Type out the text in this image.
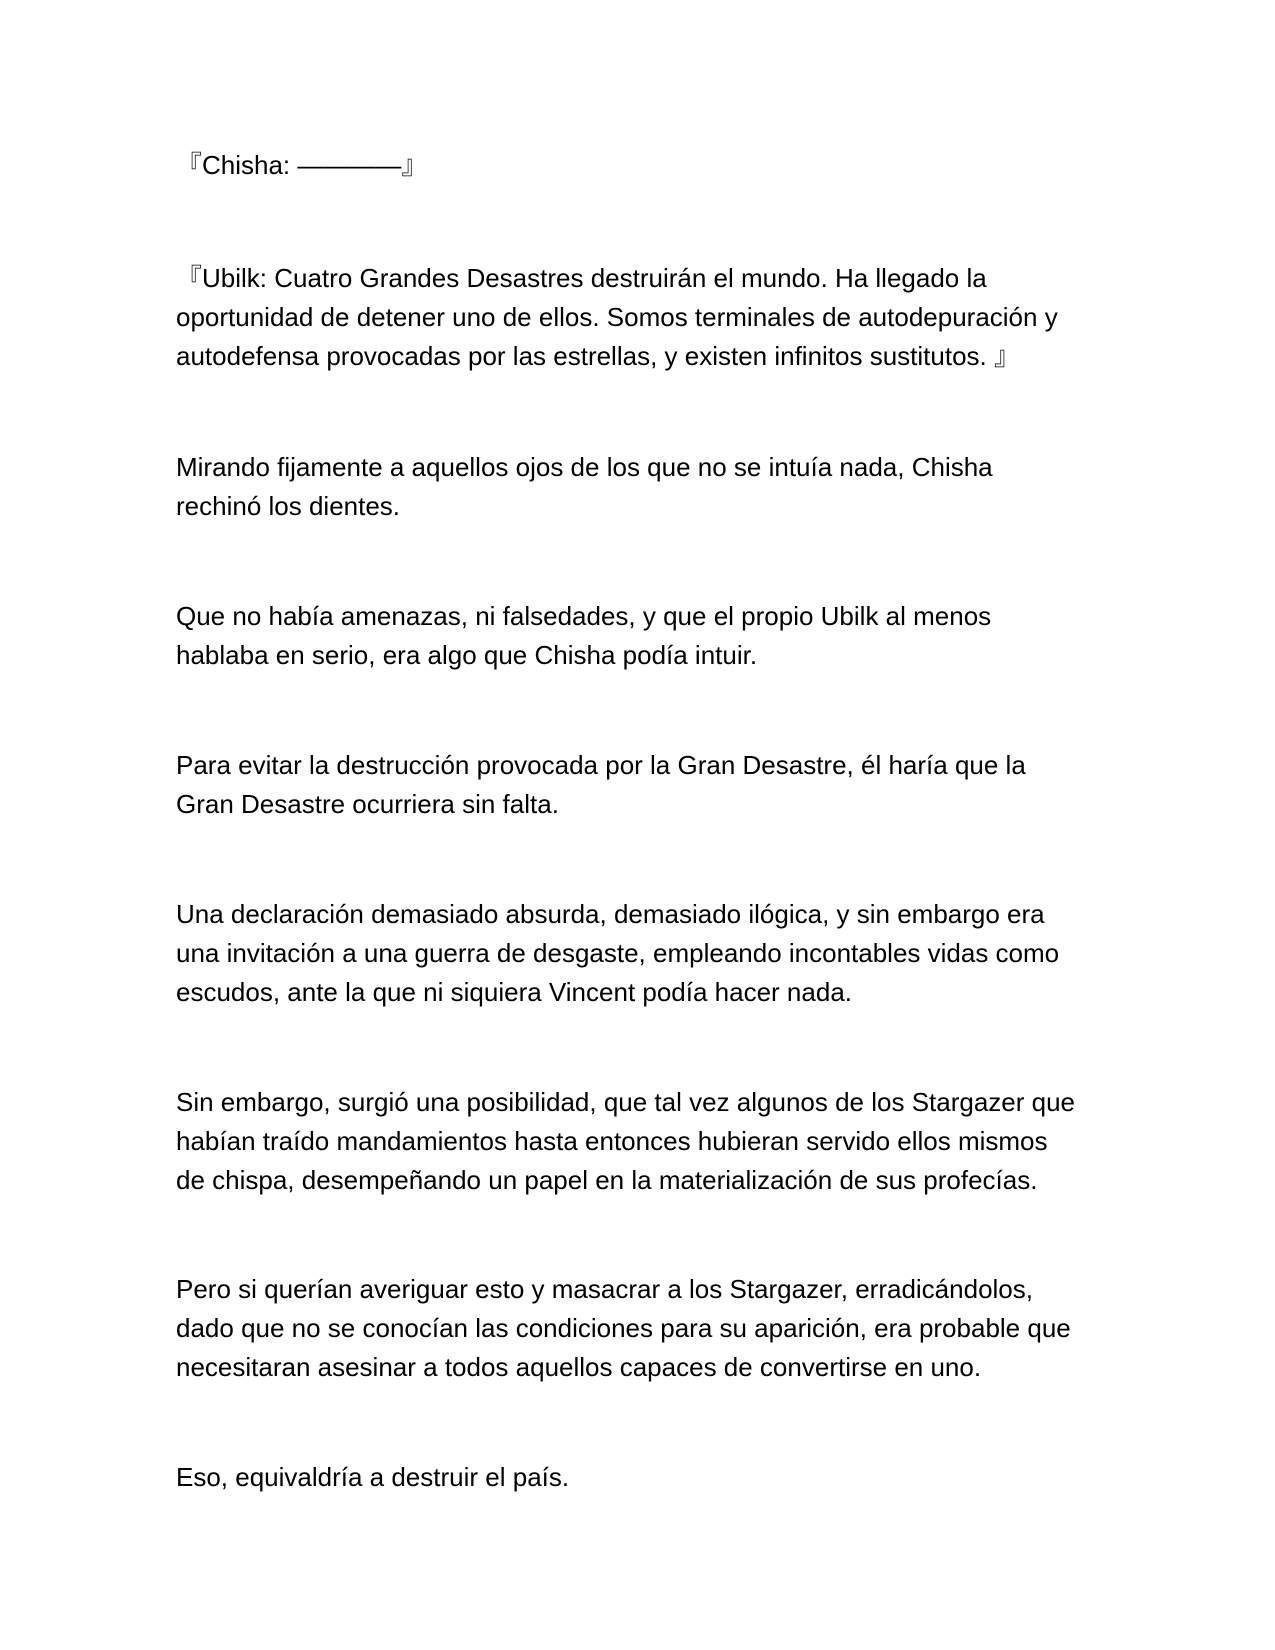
『Chisha: ――――』

『Ubilk: Cuatro Grandes Desastres destruirán el mundo. Ha llegado la
oportunidad de detener uno de ellos. Somos terminales de autodepuración y
autodefensa provocadas por las estrellas, y existen infinitos sustitutos. 』

Mirando fijamente a aquellos ojos de los que no se intuía nada, Chisha
rechinó los dientes.

Que no había amenazas, ni falsedades, y que el propio Ubilk al menos
hablaba en serio, era algo que Chisha podía intuir.

Para evitar la destrucción provocada por la Gran Desastre, él haría que la
Gran Desastre ocurriera sin falta.

Una declaración demasiado absurda, demasiado ilógica, y sin embargo era
una invitación a una guerra de desgaste, empleando incontables vidas como
escudos, ante la que ni siquiera Vincent podía hacer nada.

Sin embargo, surgió una posibilidad, que tal vez algunos de los Stargazer que
habían traído mandamientos hasta entonces hubieran servido ellos mismos
de chispa, desempeñando un papel en la materialización de sus profecías.

Pero si querían averiguar esto y masacrar a los Stargazer, erradicándolos,
dado que no se conocían las condiciones para su aparición, era probable que
necesitaran asesinar a todos aquellos capaces de convertirse en uno.

Eso, equivaldría a destruir el país.
